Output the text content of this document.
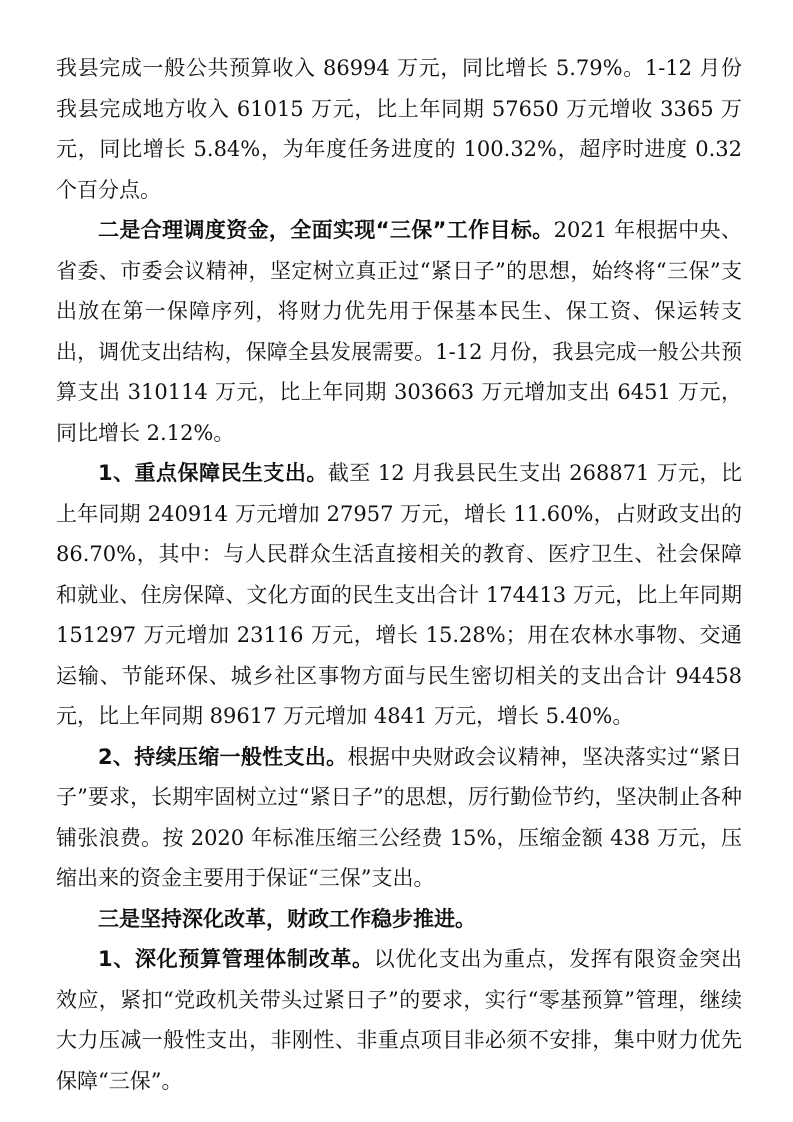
我县完成一般公共预算收入 86994 万元，同比增长 5.79%。1-12 月份我县完成地方收入 61015 万元，比上年同期 57650 万元增收 3365 万元，同比增长 5.84%，为年度任务进度的 100.32%，超序时进度 0.32 个百分点。

二是合理调度资金，全面实现“三保”工作目标。2021 年根据中央、省委、市委会议精神，坚定树立真正过“紧日子”的思想，始终将“三保”支出放在第一保障序列，将财力优先用于保基本民生、保工资、保运转支出，调优支出结构，保障全县发展需要。1-12 月份，我县完成一般公共预算支出 310114 万元，比上年同期 303663 万元增加支出 6451 万元，同比增长 2.12%。

1、重点保障民生支出。截至 12 月我县民生支出 268871 万元，比上年同期 240914 万元增加 27957 万元，增长 11.60%，占财政支出的 86.70%，其中：与人民群众生活直接相关的教育、医疗卫生、社会保障和就业、住房保障、文化方面的民生支出合计 174413 万元，比上年同期 151297 万元增加 23116 万元，增长 15.28%；用在农林水事物、交通运输、节能环保、城乡社区事物方面与民生密切相关的支出合计 94458 元，比上年同期 89617 万元增加 4841 万元，增长 5.40%。

2、持续压缩一般性支出。根据中央财政会议精神，坚决落实过“紧日子”要求，长期牢固树立过“紧日子”的思想，厉行勤俭节约，坚决制止各种铺张浪费。按 2020 年标准压缩三公经费 15%，压缩金额 438 万元，压缩出来的资金主要用于保证“三保”支出。

三是坚持深化改革，财政工作稳步推进。

1、深化预算管理体制改革。以优化支出为重点，发挥有限资金突出效应，紧扣“党政机关带头过紧日子”的要求，实行“零基预算”管理，继续大力压减一般性支出，非刚性、非重点项目非必须不安排，集中财力优先保障“三保”。
